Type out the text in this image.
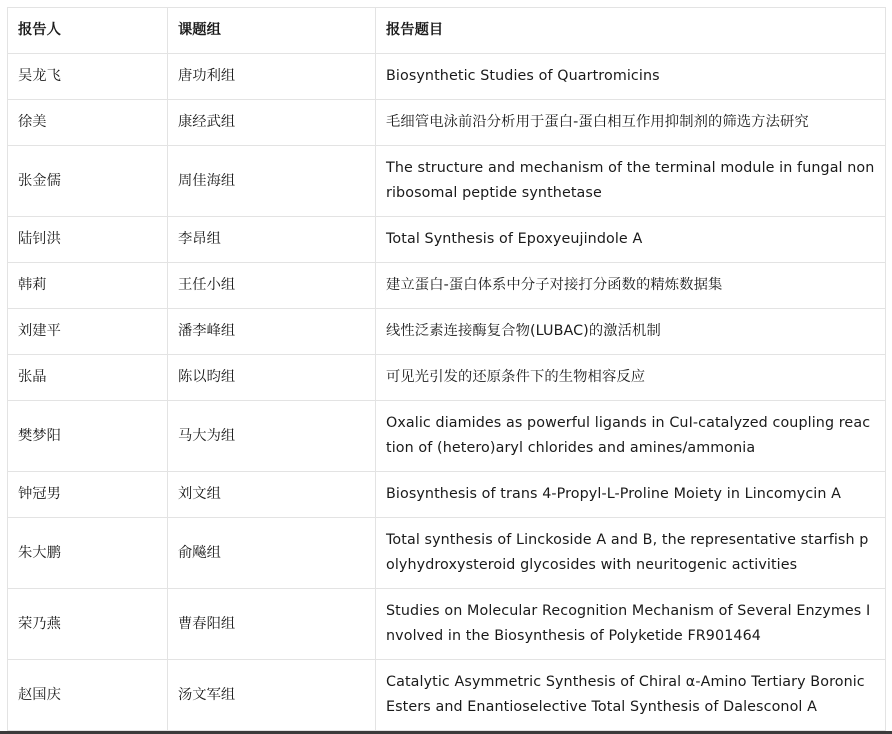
报告人	课题组	报告题目
吴龙飞	唐功利组	Biosynthetic Studies of Quartromicins
徐美	康经武组	毛细管电泳前沿分析用于蛋白-蛋白相互作用抑制剂的筛选方法研究
张金儒	周佳海组	The structure and mechanism of the terminal module in fungal non ribosomal peptide synthetase
陆钊洪	李昂组	Total Synthesis of Epoxyeujindole A
韩莉	王任小组	建立蛋白-蛋白体系中分子对接打分函数的精炼数据集
刘建平	潘李峰组	线性泛素连接酶复合物(LUBAC)的激活机制
张晶	陈以昀组	可见光引发的还原条件下的生物相容反应
樊梦阳	马大为组	Oxalic diamides as powerful ligands in CuI-catalyzed coupling reaction of (hetero)aryl chlorides and amines/ammonia
钟冠男	刘文组	Biosynthesis of trans 4-Propyl-L-Proline Moiety in Lincomycin A
朱大鹏	俞飚组	Total synthesis of Linckoside A and B, the representative starfish polyhydroxysteroid glycosides with neuritogenic activities
荣乃燕	曹春阳组	Studies on Molecular Recognition Mechanism of Several Enzymes Involved in the Biosynthesis of Polyketide FR901464
赵国庆	汤文军组	Catalytic Asymmetric Synthesis of Chiral α-Amino Tertiary Boronic Esters and Enantioselective Total Synthesis of Dalesconol A
